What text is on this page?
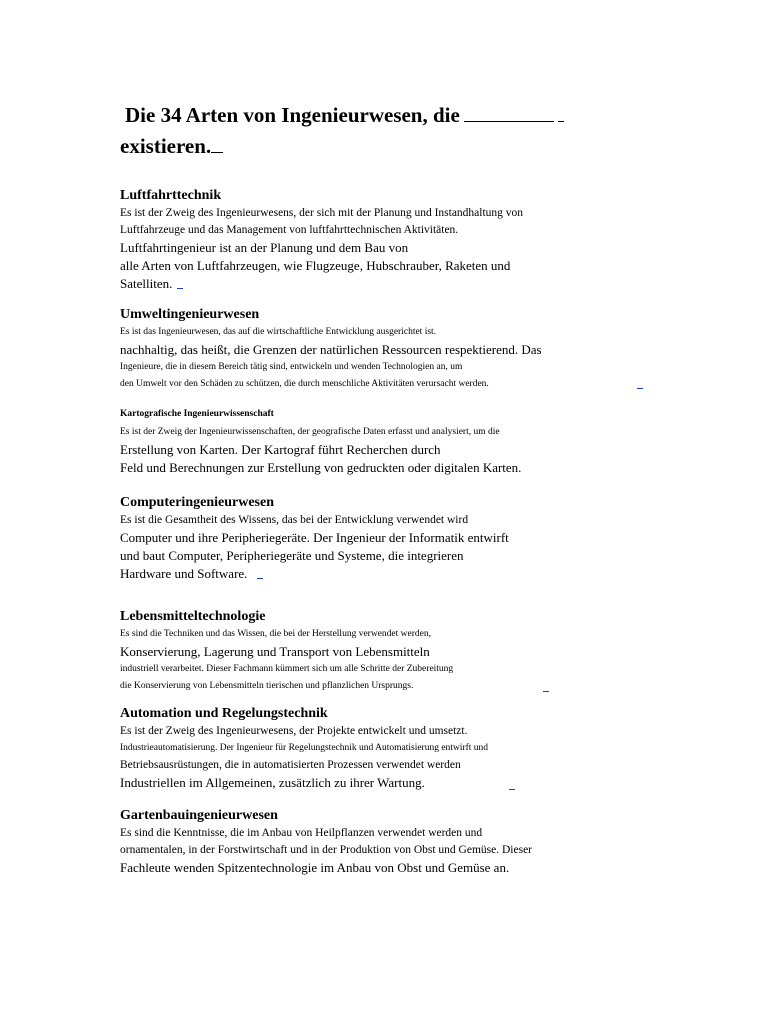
Die 34 Arten von Ingenieurwesen, die
existieren.
Luftfahrttechnik
Es ist der Zweig des Ingenieurwesens, der sich mit der Planung und Instandhaltung von
Luftfahrzeuge und das Management von luftfahrttechnischen Aktivitäten.
Luftfahrtingenieur ist an der Planung und dem Bau von
alle Arten von Luftfahrzeugen, wie Flugzeuge, Hubschrauber, Raketen und
Satelliten.
Umweltingenieurwesen
Es ist das Ingenieurwesen, das auf die wirtschaftliche Entwicklung ausgerichtet ist.
nachhaltig, das heißt, die Grenzen der natürlichen Ressourcen respektierend. Das
Ingenieure, die in diesem Bereich tätig sind, entwickeln und wenden Technologien an, um
den Umwelt vor den Schäden zu schützen, die durch menschliche Aktivitäten verursacht werden.
Kartografische Ingenieurwissenschaft
Es ist der Zweig der Ingenieurwissenschaften, der geografische Daten erfasst und analysiert, um die
Erstellung von Karten. Der Kartograf führt Recherchen durch
Feld und Berechnungen zur Erstellung von gedruckten oder digitalen Karten.
Computeringenieurwesen
Es ist die Gesamtheit des Wissens, das bei der Entwicklung verwendet wird
Computer und ihre Peripheriegeräte. Der Ingenieur der Informatik entwirft
und baut Computer, Peripheriegeräte und Systeme, die integrieren
Hardware und Software.
Lebensmitteltechnologie
Es sind die Techniken und das Wissen, die bei der Herstellung verwendet werden,
Konservierung, Lagerung und Transport von Lebensmitteln
industriell verarbeitet. Dieser Fachmann kümmert sich um alle Schritte der Zubereitung
die Konservierung von Lebensmitteln tierischen und pflanzlichen Ursprungs.
Automation und Regelungstechnik
Es ist der Zweig des Ingenieurwesens, der Projekte entwickelt und umsetzt.
Industrieautomatisierung. Der Ingenieur für Regelungstechnik und Automatisierung entwirft und
Betriebsausrüstungen, die in automatisierten Prozessen verwendet werden
Industriellen im Allgemeinen, zusätzlich zu ihrer Wartung.
Gartenbauingenieurwesen
Es sind die Kenntnisse, die im Anbau von Heilpflanzen verwendet werden und
ornamentalen, in der Forstwirtschaft und in der Produktion von Obst und Gemüse. Dieser
Fachleute wenden Spitzentechnologie im Anbau von Obst und Gemüse an.
